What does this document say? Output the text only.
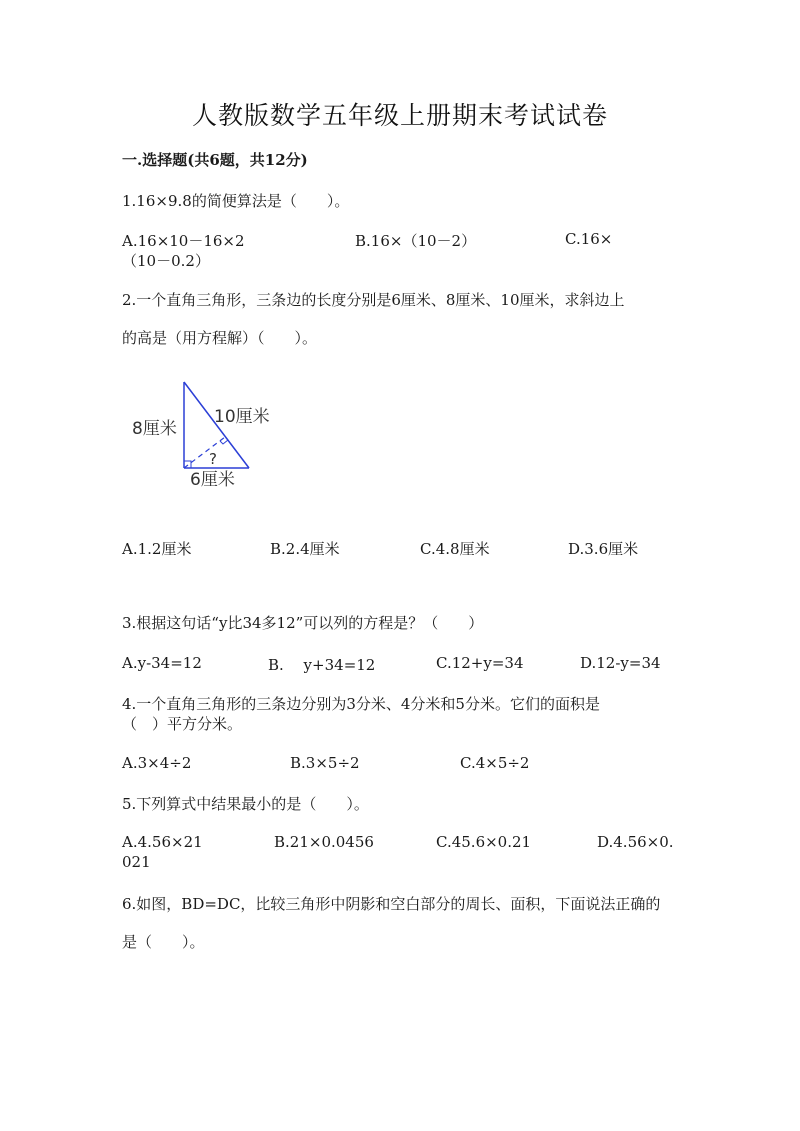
人教版数学五年级上册期末考试试卷
一.选择题(共6题，共12分)
1.16×9.8的简便算法是（　　）。
A.16×10－16×2	B.16×（10－2）	C.16×
（10－0.2）
2.一个直角三角形，三条边的长度分别是6厘米、8厘米、10厘米，求斜边上
的高是（用方程解）（　　）。
8厘米
10厘米
?
6厘米
A.1.2厘米	B.2.4厘米	C.4.8厘米	D.3.6厘米
3.根据这句话“y比34多12”可以列的方程是？（　　）
A.y-34=12	B.　 y+34=12	C.12+y=34	D.12-y=34
4.一个直角三角形的三条边分别为3分米、4分米和5分米。它们的面积是
（　）平方分米。
A.3×4÷2	B.3×5÷2	C.4×5÷2
5.下列算式中结果最小的是（　　）。
A.4.56×21	B.21×0.0456	C.45.6×0.21	D.4.56×0.
021
6.如图，BD=DC，比较三角形中阴影和空白部分的周长、面积，下面说法正确的
是（　　）。
